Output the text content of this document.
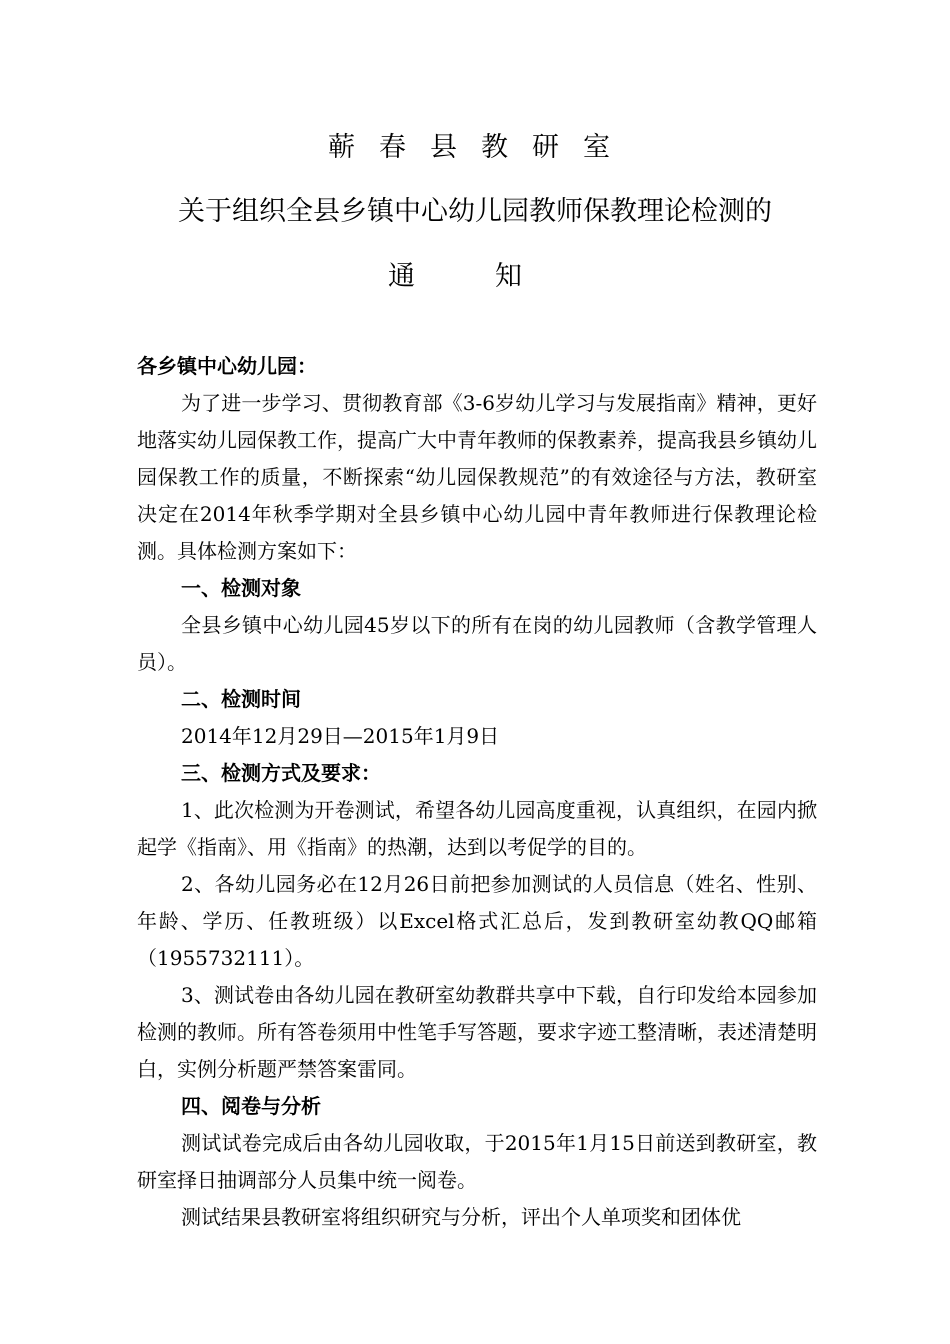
蕲春县教研室
关于组织全县乡镇中心幼儿园教师保教理论检测的
通知

各乡镇中心幼儿园：

为了进一步学习、贯彻教育部《3-6岁幼儿学习与发展指南》精神，更好地落实幼儿园保教工作，提高广大中青年教师的保教素养，提高我县乡镇幼儿园保教工作的质量，不断探索“幼儿园保教规范”的有效途径与方法，教研室决定在2014年秋季学期对全县乡镇中心幼儿园中青年教师进行保教理论检测。具体检测方案如下：

一、检测对象

全县乡镇中心幼儿园45岁以下的所有在岗的幼儿园教师（含教学管理人员）。

二、检测时间

2014年12月29日—2015年1月9日

三、检测方式及要求：

1、此次检测为开卷测试，希望各幼儿园高度重视，认真组织，在园内掀起学《指南》、用《指南》的热潮，达到以考促学的目的。

2、各幼儿园务必在12月26日前把参加测试的人员信息（姓名、性别、年龄、学历、任教班级）以Excel格式汇总后，发到教研室幼教QQ邮箱（1955732111）。

3、测试卷由各幼儿园在教研室幼教群共享中下载，自行印发给本园参加检测的教师。所有答卷须用中性笔手写答题，要求字迹工整清晰，表述清楚明白，实例分析题严禁答案雷同。

四、阅卷与分析

测试试卷完成后由各幼儿园收取，于2015年1月15日前送到教研室，教研室择日抽调部分人员集中统一阅卷。

测试结果县教研室将组织研究与分析，评出个人单项奖和团体优
